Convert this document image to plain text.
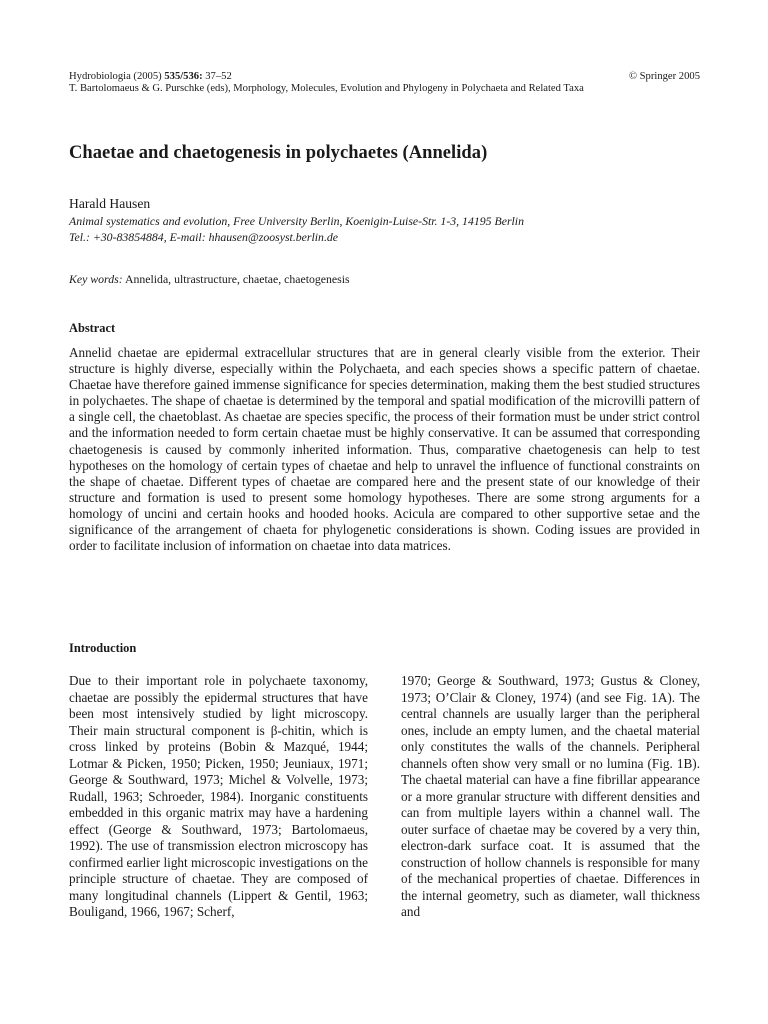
Hydrobiologia (2005) 535/536: 37–52	© Springer 2005
T. Bartolomaeus & G. Purschke (eds), Morphology, Molecules, Evolution and Phylogeny in Polychaeta and Related Taxa
Chaetae and chaetogenesis in polychaetes (Annelida)
Harald Hausen
Animal systematics and evolution, Free University Berlin, Koenigin-Luise-Str. 1-3, 14195 Berlin
Tel.: +30-83854884, E-mail: hhausen@zoosyst.berlin.de
Key words: Annelida, ultrastructure, chaetae, chaetogenesis
Abstract
Annelid chaetae are epidermal extracellular structures that are in general clearly visible from the exterior. Their structure is highly diverse, especially within the Polychaeta, and each species shows a specific pattern of chaetae. Chaetae have therefore gained immense significance for species determination, making them the best studied structures in polychaetes. The shape of chaetae is determined by the temporal and spatial modification of the microvilli pattern of a single cell, the chaetoblast. As chaetae are species specific, the process of their formation must be under strict control and the information needed to form certain chaetae must be highly conservative. It can be assumed that corresponding chaetogenesis is caused by commonly inherited information. Thus, comparative chaetogenesis can help to test hypotheses on the homology of certain types of chaetae and help to unravel the influence of functional constraints on the shape of chaetae. Different types of chaetae are compared here and the present state of our knowledge of their structure and formation is used to present some homology hypotheses. There are some strong arguments for a homology of uncini and certain hooks and hooded hooks. Acicula are compared to other supportive setae and the significance of the arrangement of chaeta for phylogenetic considerations is shown. Coding issues are provided in order to facilitate inclusion of information on chaetae into data matrices.
Introduction
Due to their important role in polychaete taxonomy, chaetae are possibly the epidermal structures that have been most intensively studied by light microscopy. Their main structural component is β-chitin, which is cross linked by proteins (Bobin & Mazqué, 1944; Lotmar & Picken, 1950; Picken, 1950; Jeuniaux, 1971; George & Southward, 1973; Michel & Volvelle, 1973; Rudall, 1963; Schroeder, 1984). Inorganic constituents embedded in this organic matrix may have a hardening effect (George & Southward, 1973; Bartolomaeus, 1992). The use of transmission electron microscopy has confirmed earlier light microscopic investigations on the principle structure of chaetae. They are composed of many longitudinal channels (Lippert & Gentil, 1963; Bouligand, 1966, 1967; Scherf,
1970; George & Southward, 1973; Gustus & Cloney, 1973; O’Clair & Cloney, 1974) (and see Fig. 1A). The central channels are usually larger than the peripheral ones, include an empty lumen, and the chaetal material only constitutes the walls of the channels. Peripheral channels often show very small or no lumina (Fig. 1B). The chaetal material can have a fine fibrillar appearance or a more granular structure with different densities and can from multiple layers within a channel wall. The outer surface of chaetae may be covered by a very thin, electron-dark surface coat. It is assumed that the construction of hollow channels is responsible for many of the mechanical properties of chaetae. Differences in the internal geometry, such as diameter, wall thickness and
